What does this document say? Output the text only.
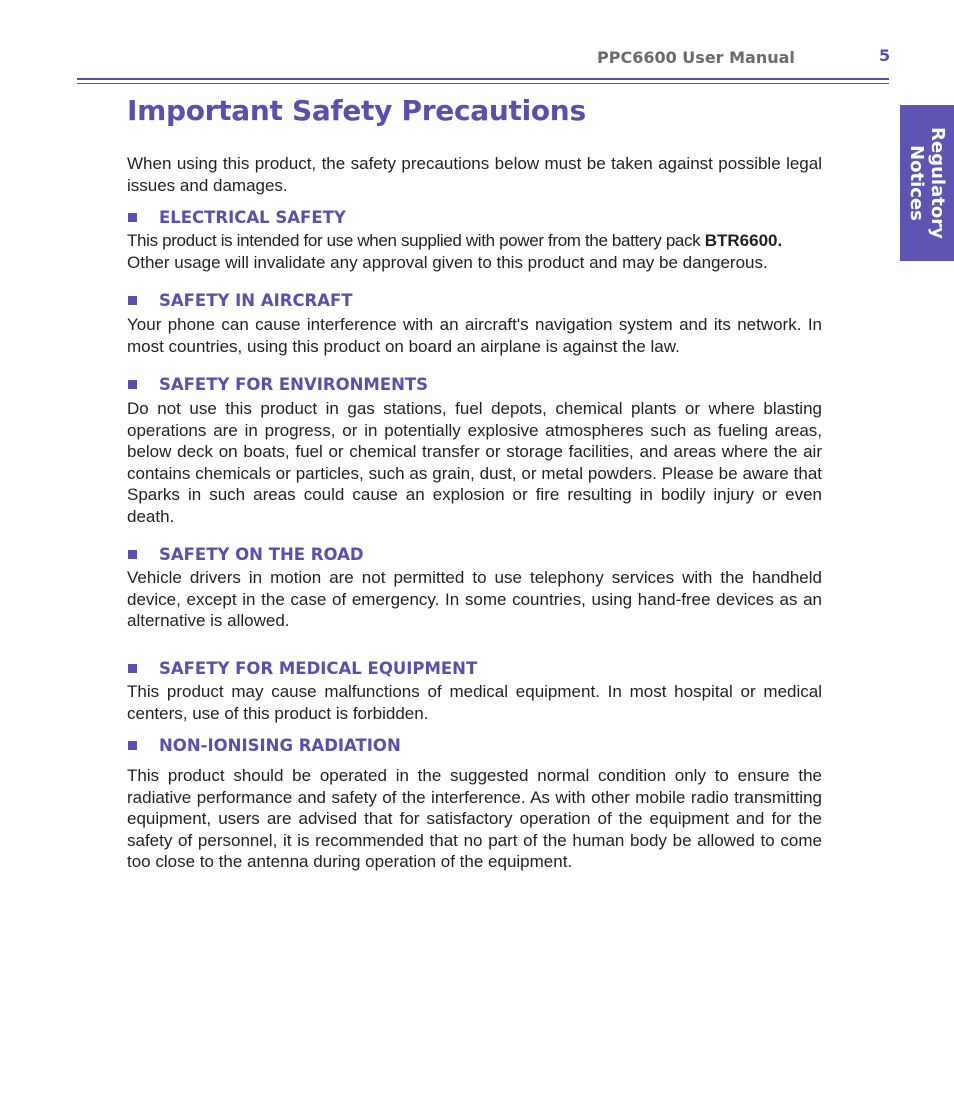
PPC6600 User Manual	5
Regulatory
Notices
Important Safety Precautions

When using this product, the safety precautions below must be taken against possible legal issues and damages.

ELECTRICAL SAFETY

This product is intended for use when supplied with power from the battery pack BTR6600.
Other usage will invalidate any approval given to this product and may be dangerous.

SAFETY IN AIRCRAFT

Your phone can cause interference with an aircraft's navigation system and its network. In most countries, using this product on board an airplane is against the law.

SAFETY FOR ENVIRONMENTS

Do not use this product in gas stations, fuel depots, chemical plants or where blasting operations are in progress, or in potentially explosive atmospheres such as fueling areas, below deck on boats, fuel or chemical transfer or storage facilities, and areas where the air contains chemicals or particles, such as grain, dust, or metal powders. Please be aware that Sparks in such areas could cause an explosion or fire resulting in bodily injury or even death.

SAFETY ON THE ROAD

Vehicle drivers in motion are not permitted to use telephony services with the handheld device, except in the case of emergency. In some countries, using hand-free devices as an alternative is allowed.

SAFETY FOR MEDICAL EQUIPMENT

This product may cause malfunctions of medical equipment. In most hospital or medical centers, use of this product is forbidden.

NON-IONISING RADIATION

This product should be operated in the suggested normal condition only to ensure the radiative performance and safety of the interference. As with other mobile radio transmitting equipment, users are advised that for satisfactory operation of the equipment and for the safety of personnel, it is recommended that no part of the human body be allowed to come too close to the antenna during operation of the equipment.
